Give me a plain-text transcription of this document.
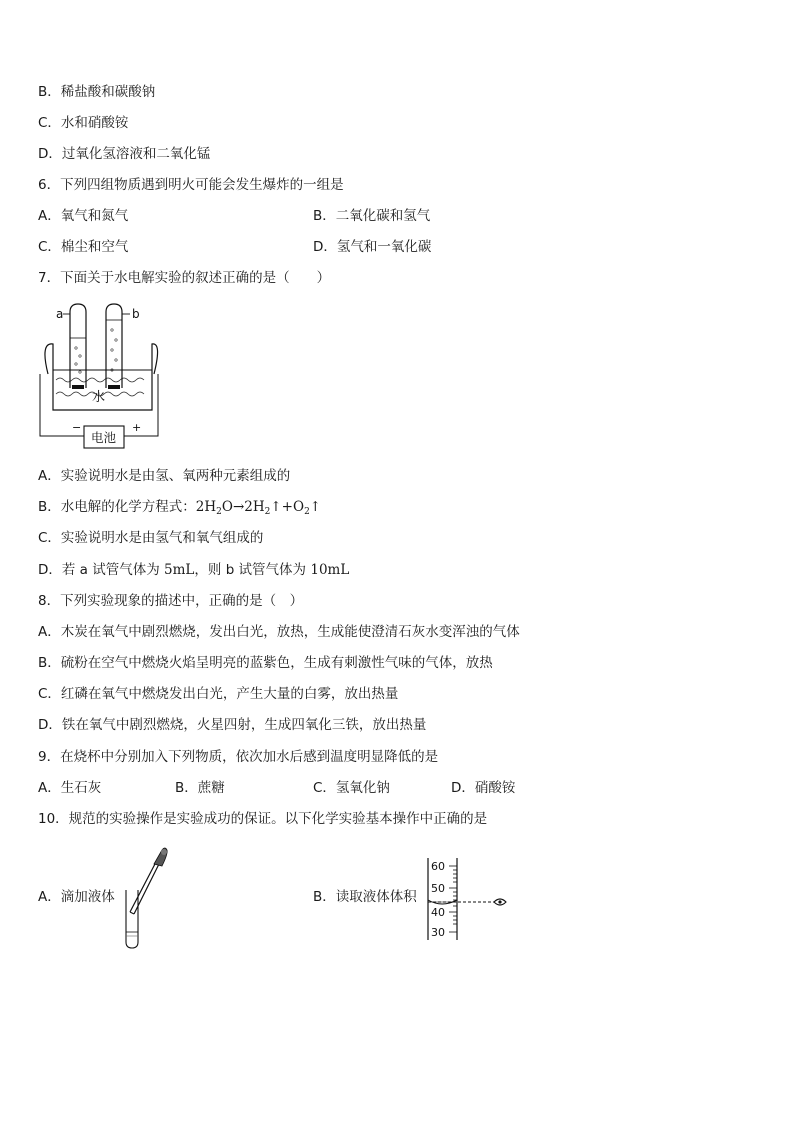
B．稀盐酸和碳酸钠
C．水和硝酸铵
D．过氧化氢溶液和二氧化锰
6．下列四组物质遇到明火可能会发生爆炸的一组是
A．氧气和氮气	B．二氧化碳和氢气
C．棉尘和空气	D．氢气和一氧化碳
7．下面关于水电解实验的叙述正确的是（　　）
水
a	b
电池
−	+
A．实验说明水是由氢、氧两种元素组成的
B．水电解的化学方程式：$2H_2O\to 2H_2↑+O_2↑$
C．实验说明水是由氢气和氧气组成的
D．若 a 试管气体为 5mL，则 b 试管气体为 10mL
8．下列实验现象的描述中，正确的是（　）
A．木炭在氧气中剧烈燃烧，发出白光，放热，生成能使澄清石灰水变浑浊的气体
B．硫粉在空气中燃烧火焰呈明亮的蓝紫色，生成有刺激性气味的气体，放热
C．红磷在氧气中燃烧发出白光，产生大量的白雾，放出热量
D．铁在氧气中剧烈燃烧，火星四射，生成四氧化三铁，放出热量
9．在烧杯中分别加入下列物质，依次加水后感到温度明显降低的是
A．生石灰	B．蔗糖	C．氢氧化钠	D．硝酸铵
10．规范的实验操作是实验成功的保证。以下化学实验基本操作中正确的是
A．滴加液体	B．读取液体体积
60
50
40
30
